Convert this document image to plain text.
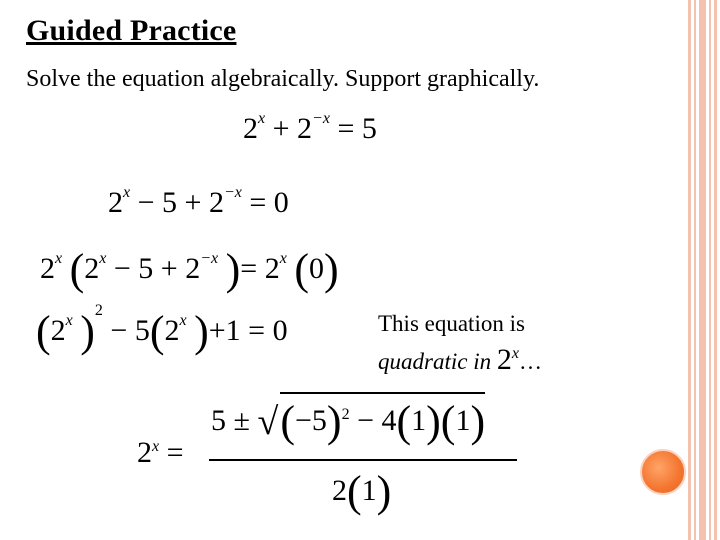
Guided Practice
Solve the equation algebraically. Support graphically.
$2^x + 2^{-x} = 5$
$2^x - 5 + 2^{-x} = 0$
2$^x$ ($2^x - 5 + 2^{-x}$ )= $2^x$ (0)
(2$^x$ )$^2 - 5(2^x$ )+1 = 0	This equation is
quadratic in 2$^x$…
$2^x$ =
$5 \pm √(-5)^2 - 4(1)(1)$
2(1)
